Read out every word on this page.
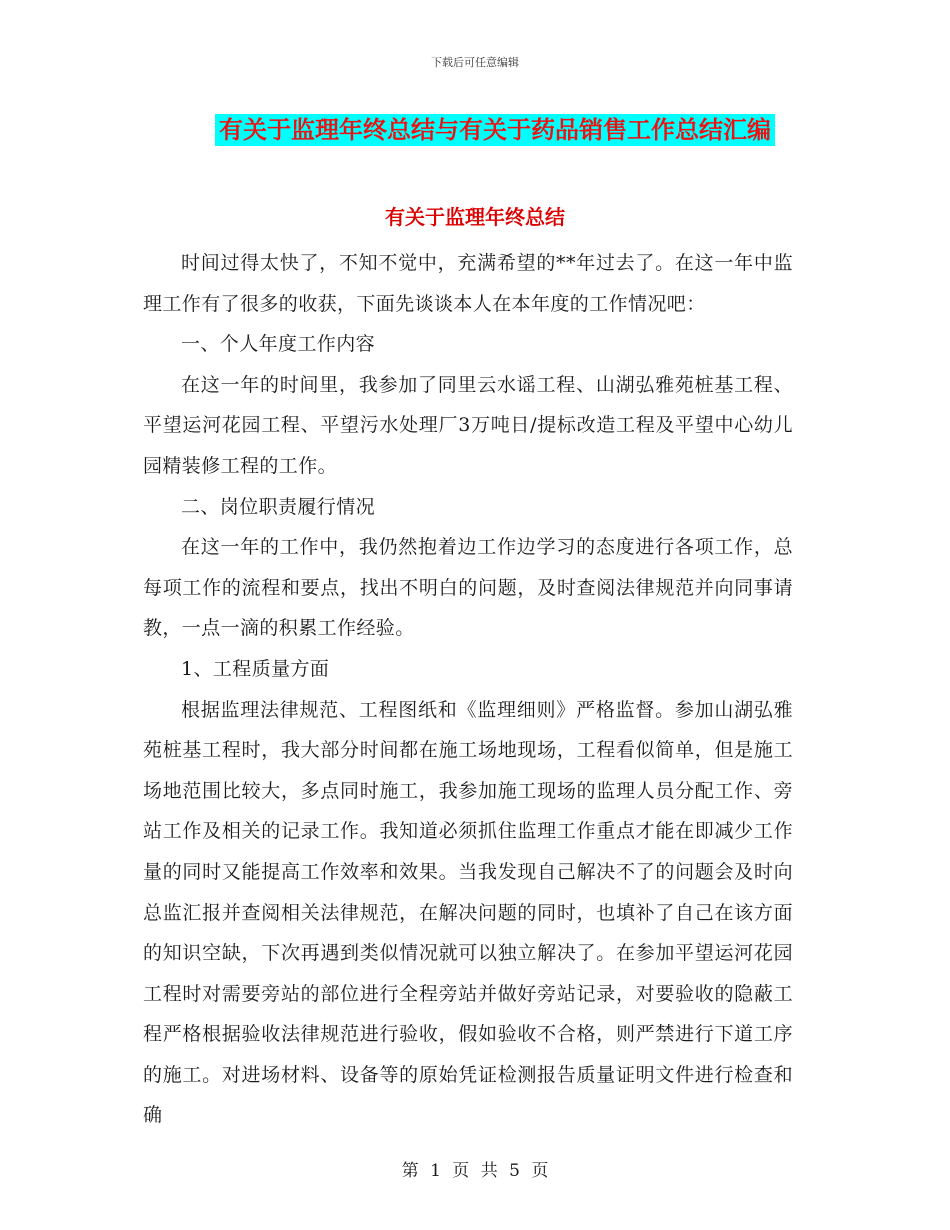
下载后可任意编辑
有关于监理年终总结与有关于药品销售工作总结汇编
有关于监理年终总结

时间过得太快了，不知不觉中，充满希望的**年过去了。在这一年中监理工作有了很多的收获，下面先谈谈本人在本年度的工作情况吧：

一、个人年度工作内容

在这一年的时间里，我参加了同里云水谣工程、山湖弘雅苑桩基工程、平望运河花园工程、平望污水处理厂3万吨日/提标改造工程及平望中心幼儿园精装修工程的工作。

二、岗位职责履行情况

在这一年的工作中，我仍然抱着边工作边学习的态度进行各项工作，总每项工作的流程和要点，找出不明白的问题，及时查阅法律规范并向同事请教，一点一滴的积累工作经验。

1、工程质量方面

根据监理法律规范、工程图纸和《监理细则》严格监督。参加山湖弘雅苑桩基工程时，我大部分时间都在施工场地现场，工程看似简单，但是施工场地范围比较大，多点同时施工，我参加施工现场的监理人员分配工作、旁站工作及相关的记录工作。我知道必须抓住监理工作重点才能在即减少工作量的同时又能提高工作效率和效果。当我发现自己解决不了的问题会及时向总监汇报并查阅相关法律规范，在解决问题的同时，也填补了自己在该方面的知识空缺，下次再遇到类似情况就可以独立解决了。在参加平望运河花园工程时对需要旁站的部位进行全程旁站并做好旁站记录，对要验收的隐蔽工程严格根据验收法律规范进行验收，假如验收不合格，则严禁进行下道工序的施工。对进场材料、设备等的原始凭证检测报告质量证明文件进行检查和确

第 1 页 共 5 页
